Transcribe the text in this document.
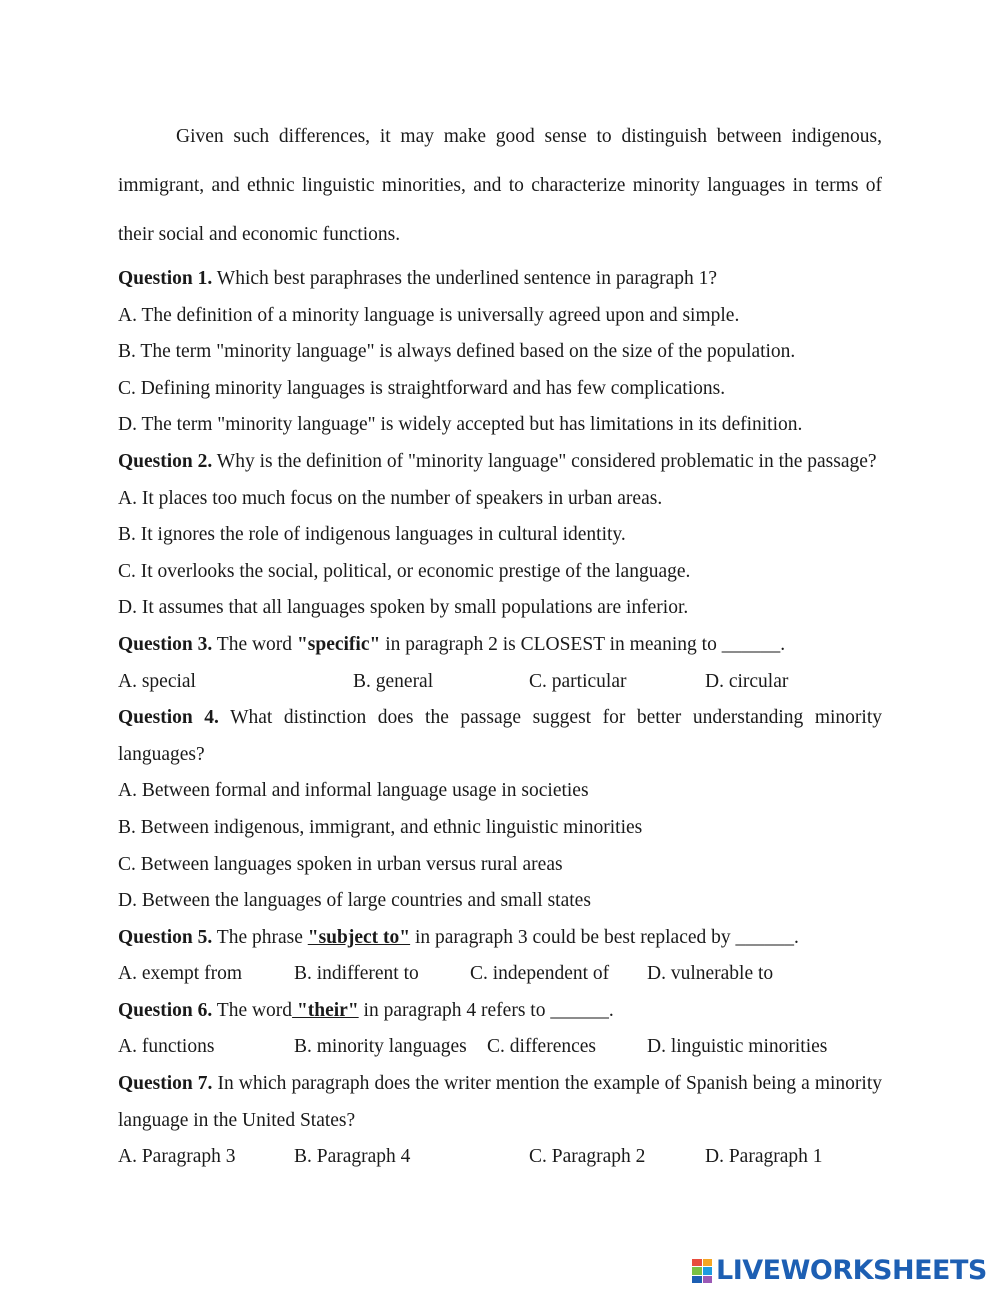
Given such differences, it may make good sense to distinguish between indigenous, immigrant, and ethnic linguistic minorities, and to characterize minority languages in terms of their social and economic functions.

Question 1. Which best paraphrases the underlined sentence in paragraph 1?

A. The definition of a minority language is universally agreed upon and simple.

B. The term "minority language" is always defined based on the size of the population.

C. Defining minority languages is straightforward and has few complications.

D. The term "minority language" is widely accepted but has limitations in its definition.

Question 2. Why is the definition of "minority language" considered problematic in the passage?

A. It places too much focus on the number of speakers in urban areas.

B. It ignores the role of indigenous languages in cultural identity.

C. It overlooks the social, political, or economic prestige of the language.

D. It assumes that all languages spoken by small populations are inferior.

Question 3. The word "specific" in paragraph 2 is CLOSEST in meaning to ______.

A. special	B. general	C. particular	D. circular

Question 4. What distinction does the passage suggest for better understanding minority languages?

A. Between formal and informal language usage in societies

B. Between indigenous, immigrant, and ethnic linguistic minorities

C. Between languages spoken in urban versus rural areas

D. Between the languages of large countries and small states

Question 5. The phrase "subject to" in paragraph 3 could be best replaced by ______.

A. exempt from	B. indifferent to	C. independent of	D. vulnerable to

Question 6. The word "their" in paragraph 4 refers to ______.

A. functions	B. minority languages	C. differences	D. linguistic minorities

Question 7. In which paragraph does the writer mention the example of Spanish being a minority language in the United States?

A. Paragraph 3	B. Paragraph 4	C. Paragraph 2	D. Paragraph 1
LIVEWORKSHEETS
